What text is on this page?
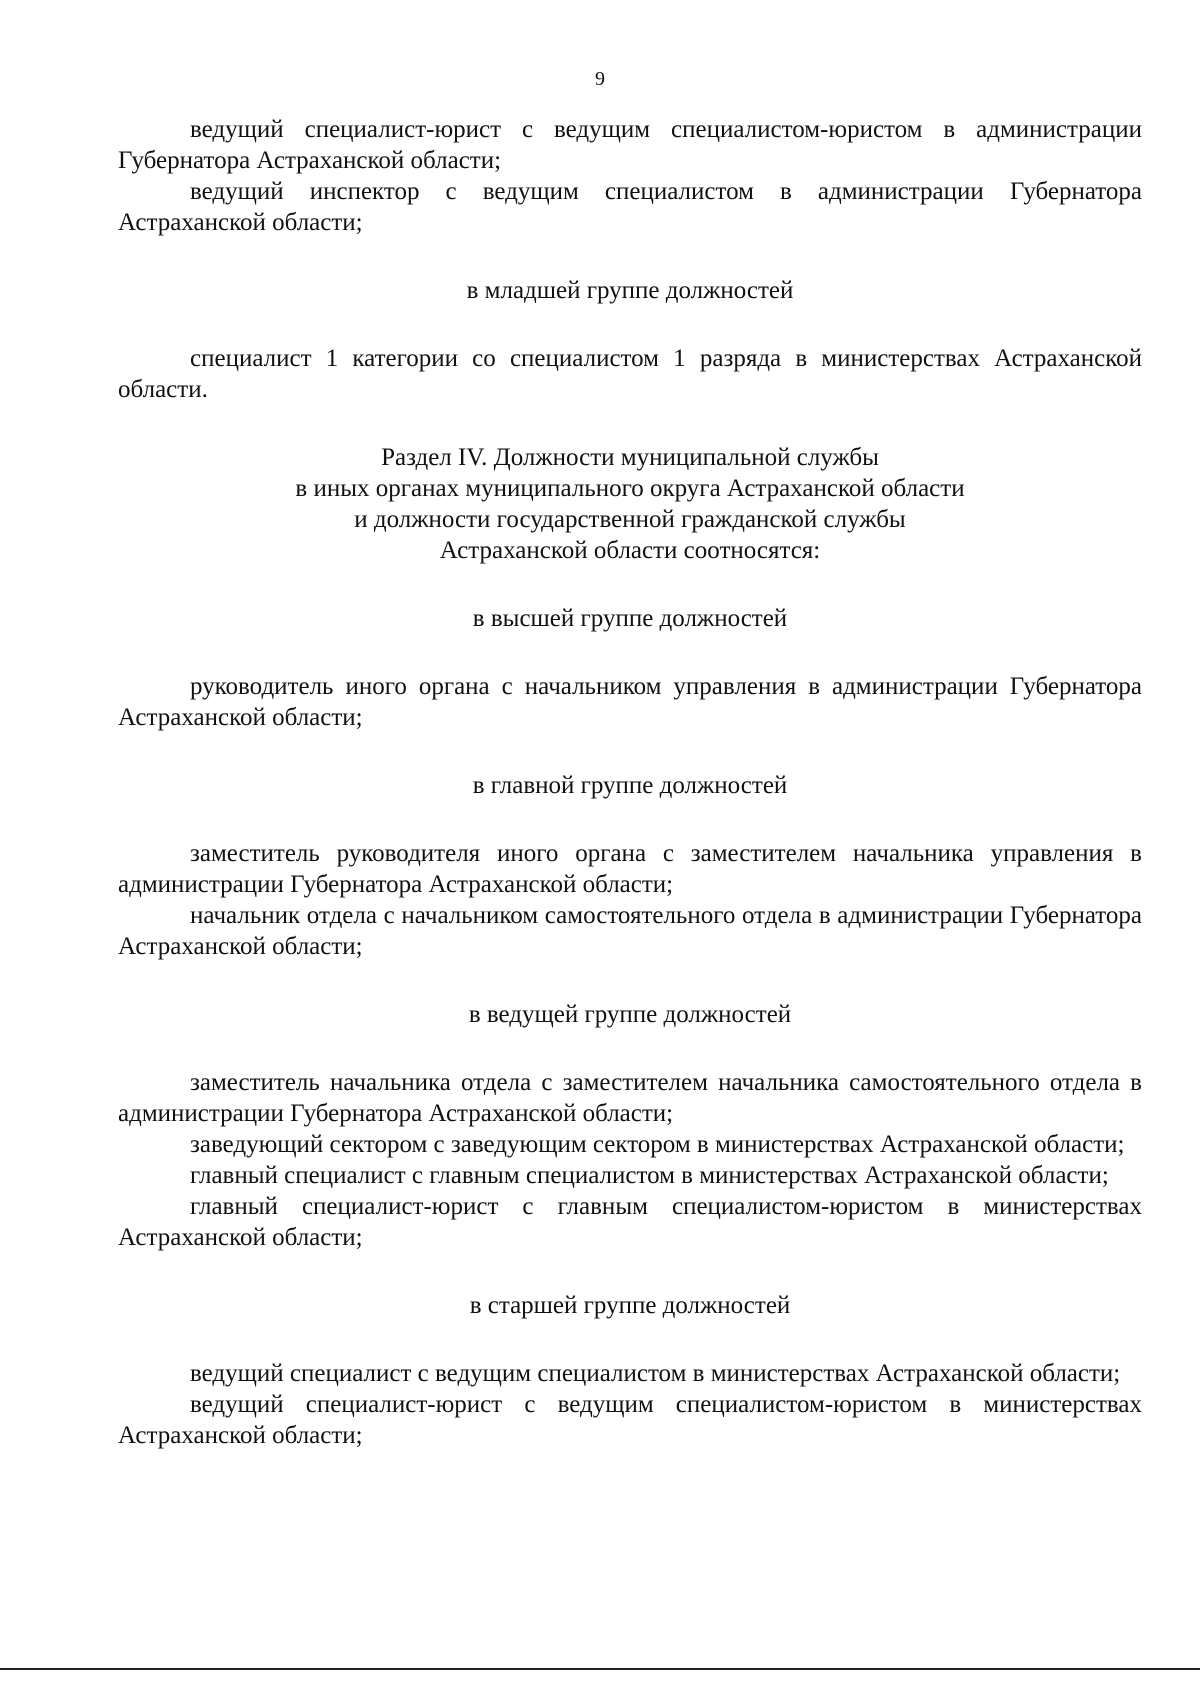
9

ведущий специалист-юрист с ведущим специалистом-юристом в администрации Губернатора Астраханской области;

ведущий инспектор с ведущим специалистом в администрации Губернатора Астраханской области;

в младшей группе должностей

специалист 1 категории со специалистом 1 разряда в министерствах Астраханской области.

Раздел IV. Должности муниципальной службы

в иных органах муниципального округа Астраханской области

и должности государственной гражданской службы

Астраханской области соотносятся:

в высшей группе должностей

руководитель иного органа с начальником управления в администрации Губернатора Астраханской области;

в главной группе должностей

заместитель руководителя иного органа с заместителем начальника управления в администрации Губернатора Астраханской области;

начальник отдела с начальником самостоятельного отдела в администрации Губернатора Астраханской области;

в ведущей группе должностей

заместитель начальника отдела с заместителем начальника самостоятельного отдела в администрации Губернатора Астраханской области;

заведующий сектором с заведующим сектором в министерствах Астраханской области;

главный специалист с главным специалистом в министерствах Астраханской области;

главный специалист-юрист с главным специалистом-юристом в министерствах Астраханской области;

в старшей группе должностей

ведущий специалист с ведущим специалистом в министерствах Астраханской области;

ведущий специалист-юрист с ведущим специалистом-юристом в министерствах Астраханской области;
